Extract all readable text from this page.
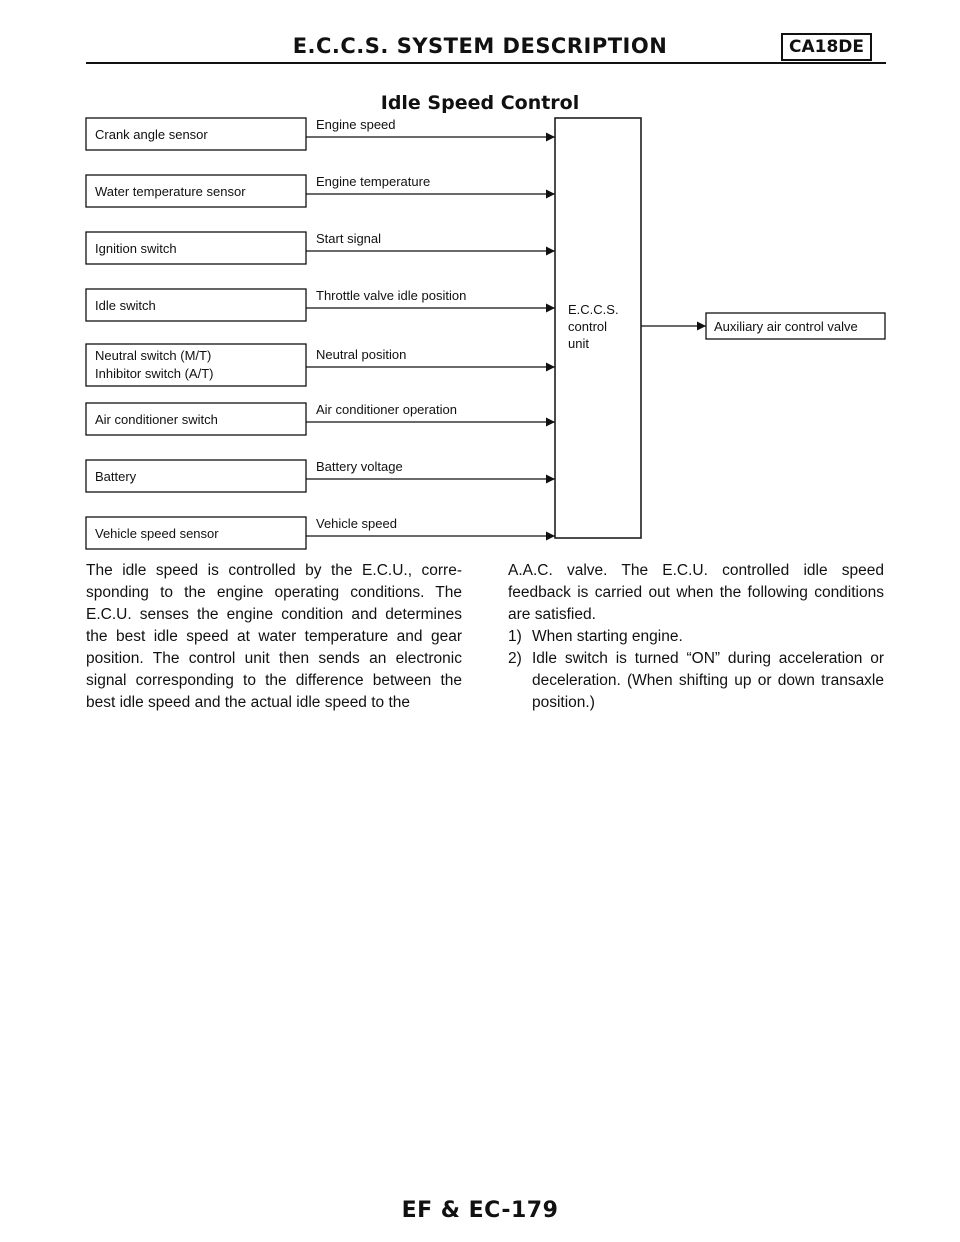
E.C.C.S. SYSTEM DESCRIPTION	CA18DE
Idle Speed Control
Crank angle sensor
Engine speed
Water temperature sensor
Engine temperature
Ignition switch
Start signal
Idle switch
Throttle valve idle position
Neutral switch (M/T)
Inhibitor switch (A/T)
Neutral position
Air conditioner switch
Air conditioner operation
Battery
Battery voltage
Vehicle speed sensor
Vehicle speed
E.C.C.S.
control
unit
Auxiliary air control valve

The idle speed is controlled by the E.C.U., corre- sponding to the engine operating conditions. The E.C.U. senses the engine condition and determines the best idle speed at water temperature and gear position. The control unit then sends an electronic signal corresponding to the difference between the best idle speed and the actual idle speed to the

A.A.C. valve. The E.C.U. controlled idle speed feedback is carried out when the following conditions are satisfied.

1) When starting engine.
2) Idle switch is turned “ON” during acceleration or deceleration. (When shifting up or down transaxle position.)
EF & EC-179
